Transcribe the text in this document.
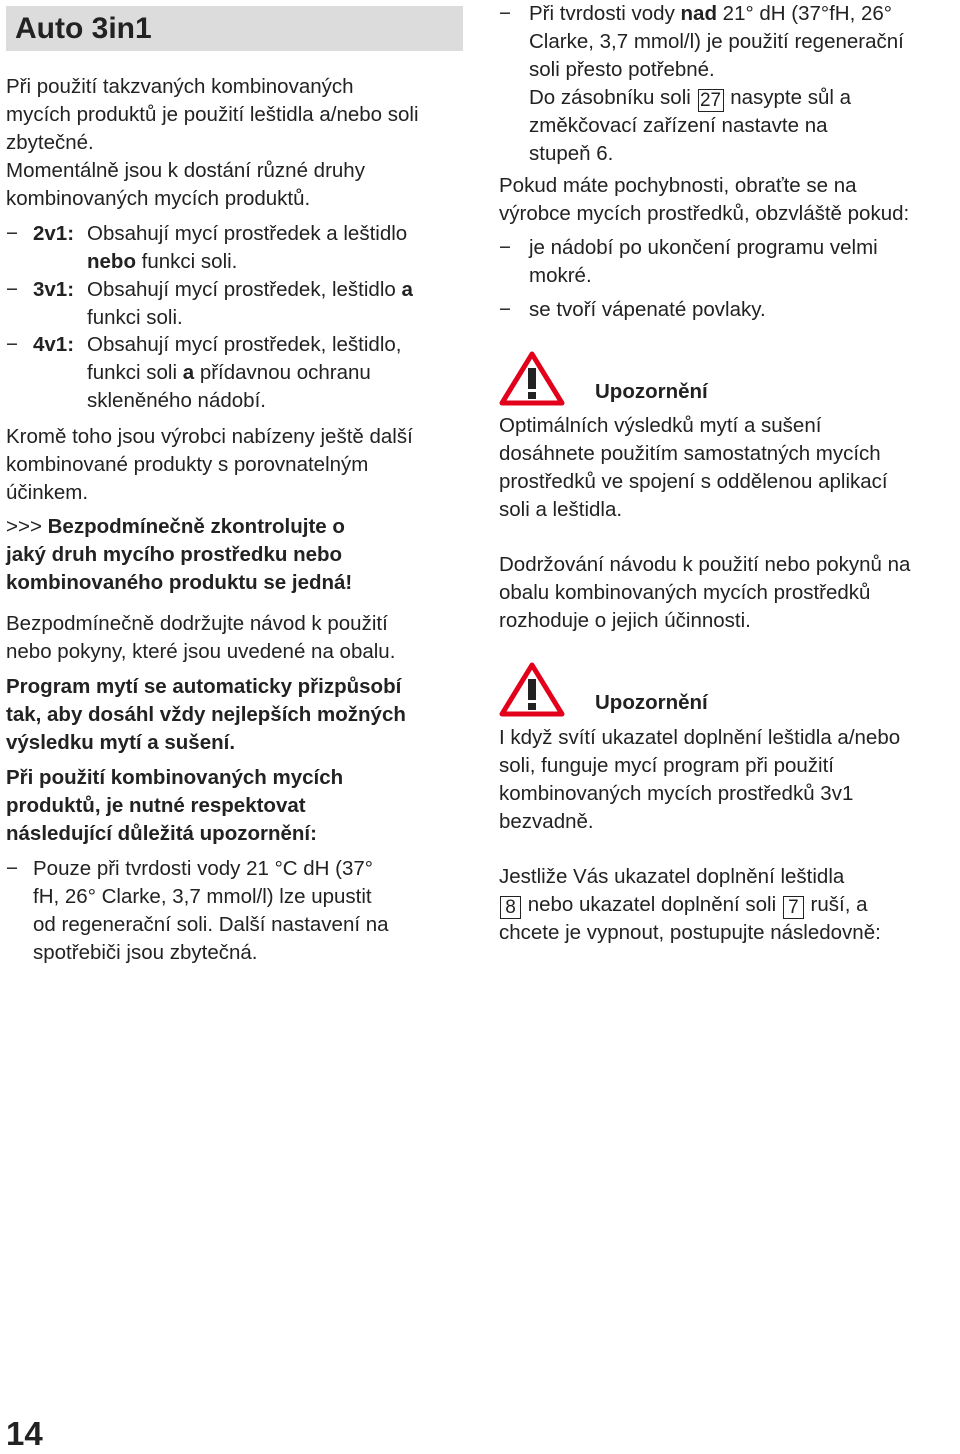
Auto 3in1

Při použití takzvaných kombinovaných

mycích produktů je použití leštidla a/nebo soli

zbytečné.

Momentálně jsou k dostání různé druhy

kombinovaných mycích produktů.

− 2v1: Obsahují mycí prostředek a leštidlo
nebo funkci soli.
− 3v1: Obsahují mycí prostředek, leštidlo a
funkci soli.
− 4v1: Obsahují mycí prostředek, leštidlo,
funkci soli a přídavnou ochranu
skleněného nádobí.

Kromě toho jsou výrobci nabízeny ještě další

kombinované produkty s porovnatelným

účinkem.

>>> Bezpodmínečně zkontrolujte o

jaký druh mycího prostředku nebo

kombinovaného produktu se jedná!

Bezpodmínečně dodržujte návod k použití

nebo pokyny, které jsou uvedené na obalu.

Program mytí se automaticky přizpůsobí

tak, aby dosáhl vždy nejlepších možných

výsledku mytí a sušení.

Při použití kombinovaných mycích

produktů, je nutné respektovat

následující důležitá upozornění:

− Pouze při tvrdosti vody 21 °C dH (37°

fH, 26° Clarke, 3,7 mmol/l) lze upustit

od regenerační soli. Další nastavení na

spotřebiči jsou zbytečná.

14
− Při tvrdosti vody nad 21° dH (37°fH, 26°

Clarke, 3,7 mmol/l) je použití regenerační

soli přesto potřebné.

Do zásobníku soli 27 nasypte sůl a

změkčovací zařízení nastavte na

stupeň 6.

Pokud máte pochybnosti, obraťte se na

výrobce mycích prostředků, obzvláště pokud:

− je nádobí po ukončení programu velmi

mokré.

− se tvoří vápenaté povlaky.

Upozornění

Optimálních výsledků mytí a sušení

dosáhnete použitím samostatných mycích

prostředků ve spojení s oddělenou aplikací

soli a leštidla.

Dodržování návodu k použití nebo pokynů na

obalu kombinovaných mycích prostředků

rozhoduje o jejich účinnosti.

Upozornění

I když svítí ukazatel doplnění leštidla a/nebo

soli, funguje mycí program při použití

kombinovaných mycích prostředků 3v1

bezvadně.

Jestliže Vás ukazatel doplnění leštidla

8 nebo ukazatel doplnění soli 7 ruší, a

chcete je vypnout, postupujte následovně:
